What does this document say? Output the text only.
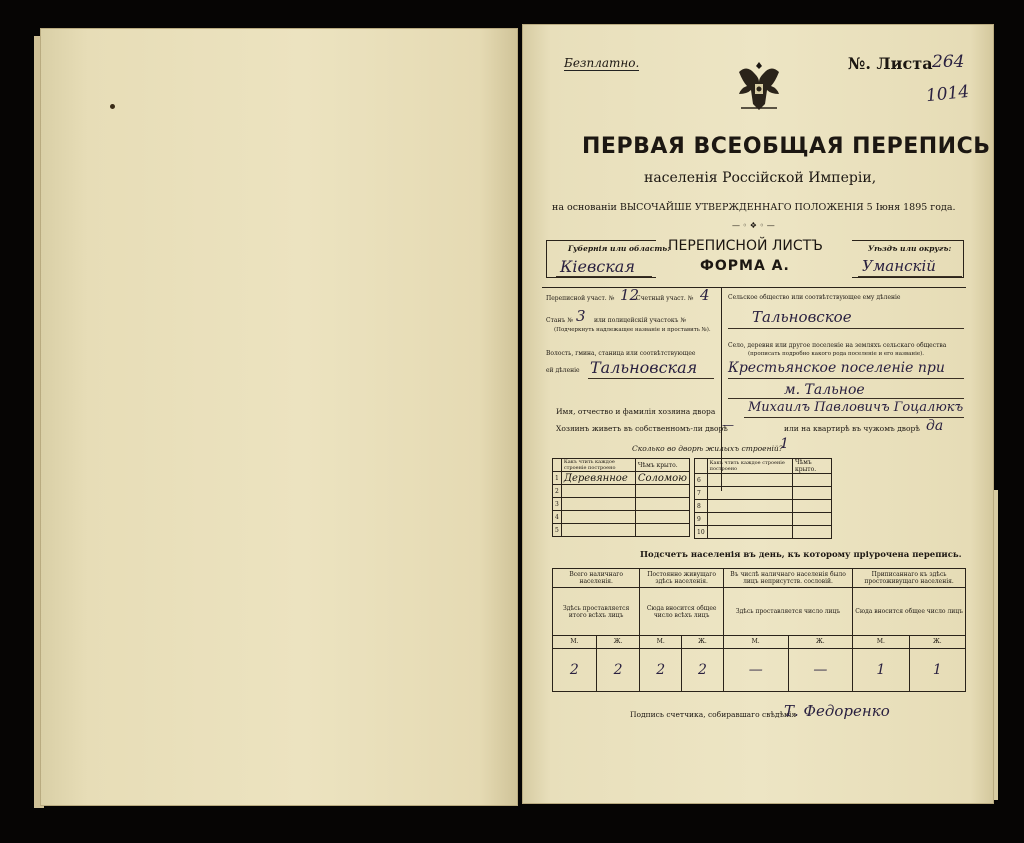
Безплатно.	№. Листа 264
1014
ПЕРВАЯ ВСЕОБЩАЯ ПЕРЕПИСЬ
населенія Россійской Имперіи,
на основаніи ВЫСОЧАЙШЕ УТВЕРЖДЕННАГО ПОЛОЖЕНІЯ 5 Іюня 1895 года.
— ◦ ❖ ◦ —
Губернія или область:
Кіевская
ПЕРЕПИСНОЙ ЛИСТЪ
ФОРМА А.
Уѣздъ или округъ:
Уманскій
Переписной участ. № 12
Счетный участ. № 4
Станъ № 3 или полицейскій участокъ №
(Подчеркнуть надлежащее названіе и проставить №).
Волость, гмина, станица или соотвѣтствующее
ей дѣленіе Тальновская
Сельское общество или соотвѣтствующее ему дѣленіе
Тальновское
Село, деревня или другое поселеніе на земляхъ сельскаго общества
(прописать подробно какого рода поселеніе и его названіе).
Крестьянское поселеніе при
м. Тальное
Имя, отчество и фамилія хозяина двора	Михаилъ Павловичъ Гоцалюкъ
Хозяинъ живетъ въ собственномъ-ли дворѣ
—	или на квартирѣ въ чужомъ дворѣ да
Сколько во дворѣ жилыхъ строеній?
1
	Какъ чтить каждое строеніе построено	Чѣмъ крыто.
1	Деревянное	Соломою
2		
3		
4		
5		
	Какъ чтить каждое строеніе построено	Чѣмъ крыто.
6		
7		
8		
9		
10		
Подсчетъ населенія въ день, къ которому пріурочена перепись.
Всего наличнаго населенія.		Постоянно живущаго здѣсь населенія.		Въ числѣ наличнаго населенія было лицъ неприсутств. сословій.		Приписаннаго къ здѣсь простоживущаго населенія.	
Здѣсь проставляется итого всѣхъ лицъ		Сюда вносится общее число всѣхъ лицъ		Здѣсь проставляется число лицъ		Сюда вносится общее число лицъ	
М.	Ж.	М.	Ж.	М.	Ж.	М.	Ж.
2	2	2	2	—	—	1	1
Подпись счетчика, собиравшаго свѣдѣнія
Т. Федоренко
